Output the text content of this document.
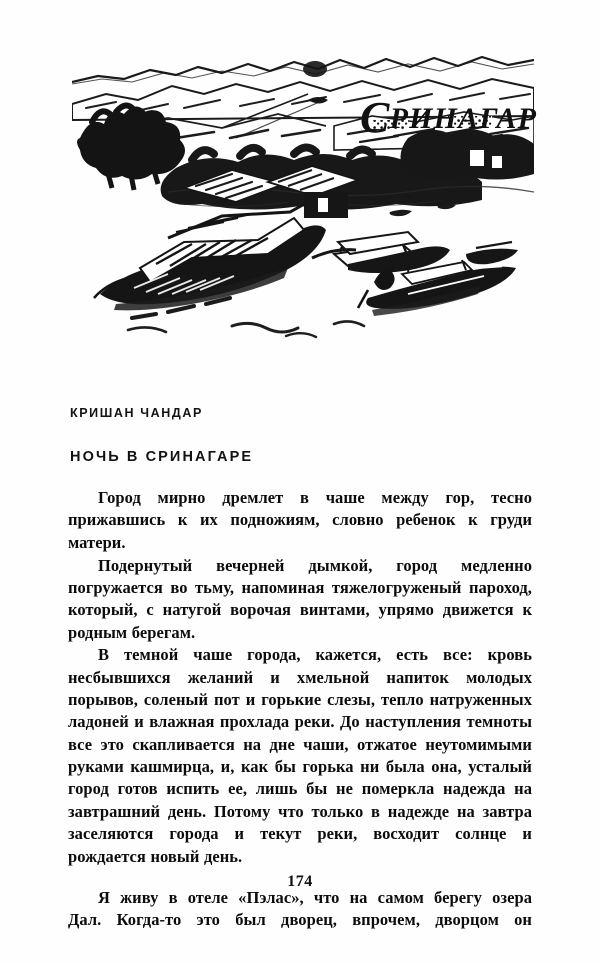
CРИНАГАР
КРИШАН ЧАНДАР
НОЧЬ В СРИНАГАРЕ

Город мирно дремлет в чаше между гор, тесно прижавшись к их подножиям, словно ребенок к груди матери.

Подернутый вечерней дымкой, город медленно погружается во тьму, напоминая тяжелогруженый пароход, который, с натугой ворочая винтами, упрямо движется к родным берегам.

В темной чаше города, кажется, есть все: кровь несбывшихся желаний и хмельной напиток молодых порывов, соленый пот и горькие слезы, тепло натруженных ладоней и влажная прохлада реки. До наступления темноты все это скапливается на дне чаши, отжатое неутомимыми руками кашмирца, и, как бы горька ни была она, усталый город готов испить ее, лишь бы не померкла надежда на завтрашний день. Потому что только в надежде на завтра заселяются города и текут реки, восходит солнце и рождается новый день.

Я живу в отеле «Пэлас», что на самом берегу озера
Дал. Когда-то это был дворец, впрочем, дворцом он

174
